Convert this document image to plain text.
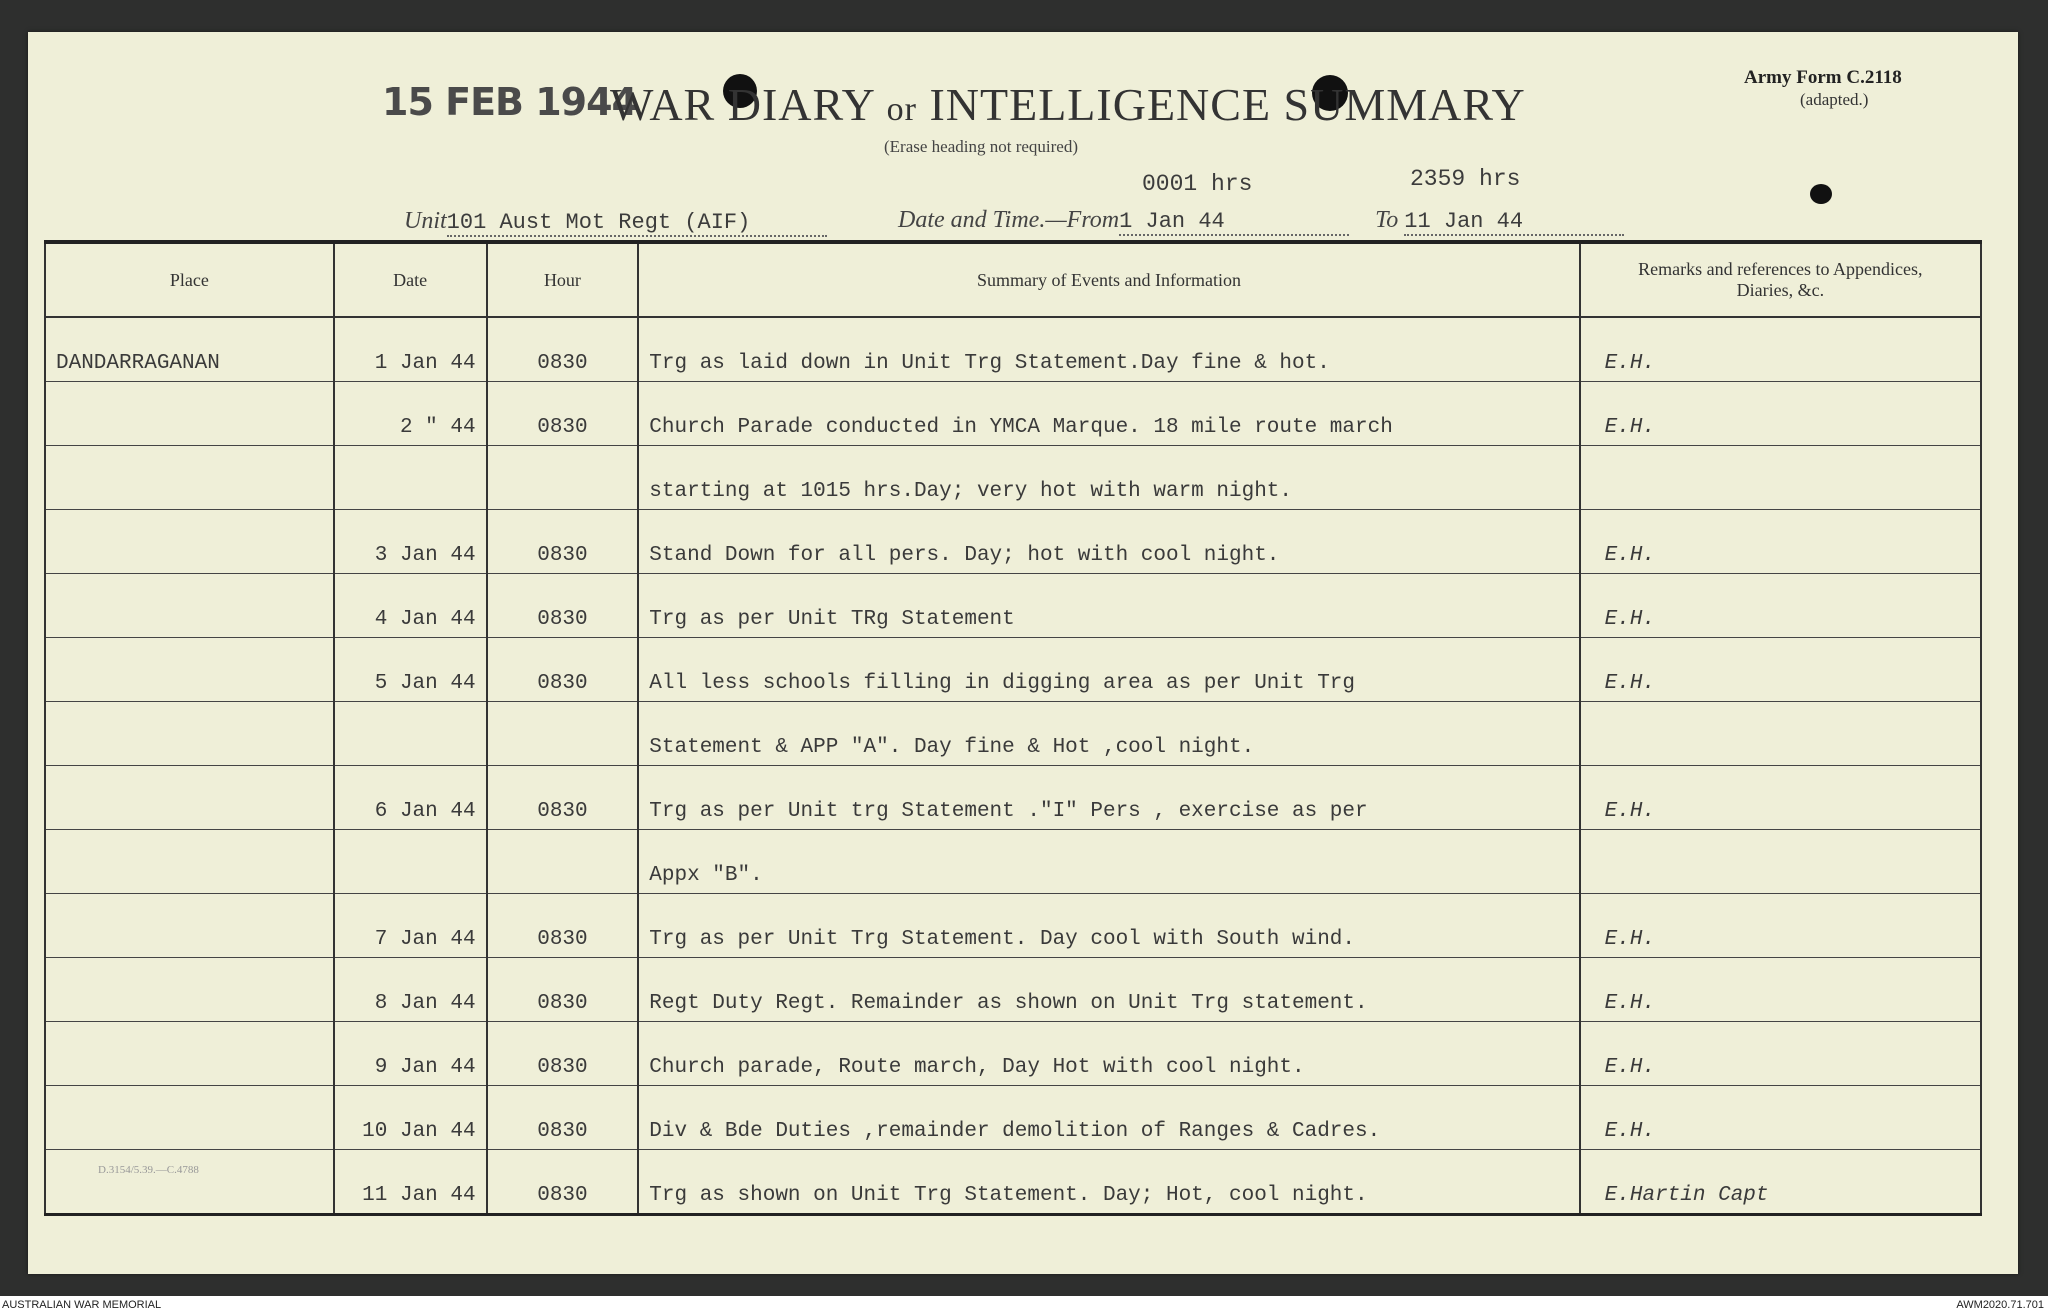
15 FEB 1944
WAR DIARY or INTELLIGENCE SUMMARY
Army Form C.2118
(adapted.)
(Erase heading not required)
0001 hrs	2359 hrs
Unit101 Aust Mot Regt (AIF)	Date and Time.—From1 Jan 44	To 11 Jan 44
Place	Date	Hour	Summary of Events and Information	Remarks and references to Appendices, Diaries, &c.
DANDARRAGANAN	1 Jan 44	0830	Trg as laid down in Unit Trg Statement.Day fine & hot.	E.H.
	2 " 44	0830	Church Parade conducted in YMCA Marque. 18 mile route march	E.H.
			starting at 1015 hrs.Day; very hot with warm night.	
	3 Jan 44	0830	Stand Down for all pers. Day; hot with cool night.	E.H.
	4 Jan 44	0830	Trg as per Unit TRg Statement	E.H.
	5 Jan 44	0830	All less schools filling in digging area as per Unit Trg	E.H.
			Statement & APP "A". Day fine & Hot ,cool night.	
	6 Jan 44	0830	Trg as per Unit trg Statement ."I" Pers , exercise as per	E.H.
			Appx "B".	
	7 Jan 44	0830	Trg as per Unit Trg Statement. Day cool with South wind.	E.H.
	8 Jan 44	0830	Regt Duty Regt. Remainder as shown on Unit Trg statement.	E.H.
	9 Jan 44	0830	Church parade, Route march, Day Hot with cool night.	E.H.
	10 Jan 44	0830	Div & Bde Duties ,remainder demolition of Ranges & Cadres.	E.H.
	11 Jan 44	0830	Trg as shown on Unit Trg Statement. Day; Hot, cool night.	E.Hartin Capt
D.3154/5.39.—C.4788
AUSTRALIAN WAR MEMORIAL	AWM2020.71.701
